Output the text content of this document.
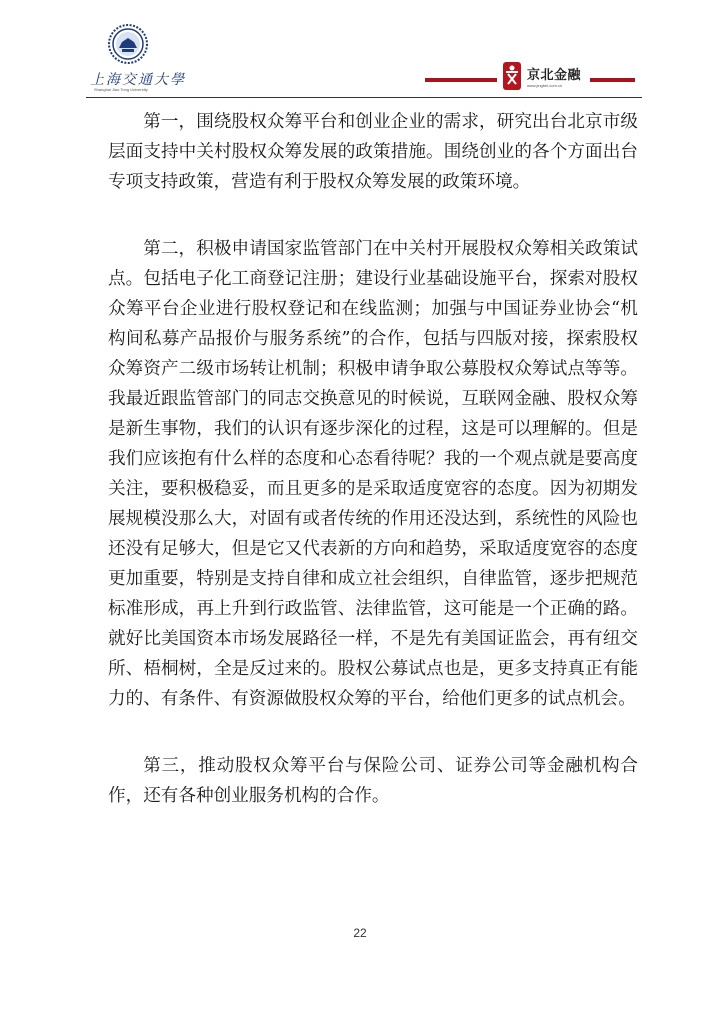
上海交通大學
Shanghai Jiao Tong University
京北金融
www.jingbei.com.cn

第一，围绕股权众筹平台和创业企业的需求，研究出台北京市级层面支持中关村股权众筹发展的政策措施。围绕创业的各个方面出台专项支持政策，营造有利于股权众筹发展的政策环境。

第二，积极申请国家监管部门在中关村开展股权众筹相关政策试点。包括电子化工商登记注册；建设行业基础设施平台，探索对股权众筹平台企业进行股权登记和在线监测；加强与中国证券业协会“机构间私募产品报价与服务系统”的合作，包括与四版对接，探索股权众筹资产二级市场转让机制；积极申请争取公募股权众筹试点等等。我最近跟监管部门的同志交换意见的时候说，互联网金融、股权众筹是新生事物，我们的认识有逐步深化的过程，这是可以理解的。但是我们应该抱有什么样的态度和心态看待呢？我的一个观点就是要高度关注，要积极稳妥，而且更多的是采取适度宽容的态度。因为初期发展规模没那么大，对固有或者传统的作用还没达到，系统性的风险也还没有足够大，但是它又代表新的方向和趋势，采取适度宽容的态度更加重要，特别是支持自律和成立社会组织，自律监管，逐步把规范标准形成，再上升到行政监管、法律监管，这可能是一个正确的路。就好比美国资本市场发展路径一样，不是先有美国证监会，再有纽交所、梧桐树，全是反过来的。股权公募试点也是，更多支持真正有能力的、有条件、有资源做股权众筹的平台，给他们更多的试点机会。

第三，推动股权众筹平台与保险公司、证券公司等金融机构合作，还有各种创业服务机构的合作。

22
